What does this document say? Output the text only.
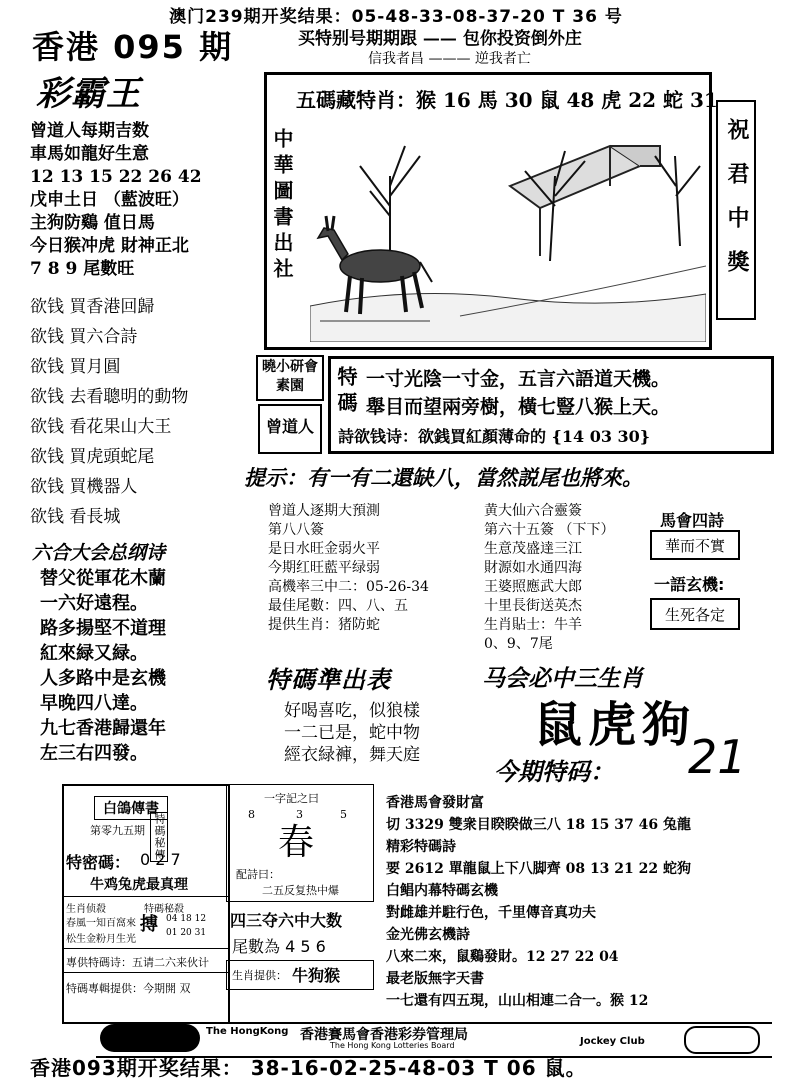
澳门239期开奖结果：05-48-33-08-37-20 T 36 号
香港 095 期	买特别号期期跟 —— 包你投资倒外庄
信我者昌 ——— 逆我者亡
彩霸王
曾道人每期吉数
車馬如龍好生意
12 13 15 22 26 42
戊申土日 （藍波旺）
主狗防鷄 值日馬
今日猴冲虎 財神正北
7 8 9 尾數旺
欲钱 買香港回歸
欲钱 買六合詩
欲钱 買月圓
欲钱 去看聰明的動物
欲钱 看花果山大王
欲钱 買虎頭蛇尾
欲钱 買機器人
欲钱 看長城
六合大会总纲诗
替父從軍花木蘭
一六好遠程。
路多揚堅不道理
紅來緑又緑。
人多路中是玄機
早晚四八達。
九七香港歸還年
左三右四發。
五碼藏特肖：猴 16 馬 30 鼠 48 虎 22 蛇 31
中華圖書出社	祝君中獎
特碼
曉小研會素園
曾道人
一寸光陰一寸金，五言六語道天機。
舉目而望兩旁樹，橫七豎八猴上天。
詩欲钱诗：欲銭買紅顏薄命的 {14 03 30}
提示：有一有二還缺八，當然説尾也將來。
曾道人逐期大預測
第八八簽
是日水旺金弱火平
今期红旺藍平绿弱
高機率三中二：05-26-34
最佳尾數：四、八、五
提供生肖：猪防蛇
黄大仙六合靈簽
第六十五簽 （下下）
生意茂盛達三江
財源如水通四海
王婆照應武大郎
十里長街送英杰
生肖貼士：牛羊
0、9、7尾
馬會四詩
華而不實
一語玄機:
生死各定
特碼準出表
好喝喜吃，似狼樣
一二已是，蛇中物
經衣緑褲，舞天庭
马会必中三生肖
鼠虎狗
今期特码： 21
白鴿傳書
第零九五期 特碼秘傳
特密碼： 0 2 7
牛鸡兔虎最真理
生肖侦殺
春風一知百窩來
松生金粉月生光
特碼秘殺
搏 04 18 12
01 20 31
專供特碼诗：五请二六来伙计
特碼專輯提供：今期開 双
一字記之曰
8	3	5
春
配詩曰：
二五反复热中爆
四三夺六中大数
尾數為 4 5 6
生肖提供： 牛狗猴
香港馬會發財富
切 3329 雙衆目睽睽做三八 18 15 37 46 兔龍
精彩特碼詩
要 2612 單龍鼠上下八脚齊 08 13 21 22 蛇狗
白鲳内幕特碼玄機
對雌雄并駐行色，千里傳音真功夫
金光佛玄機詩
八來二來，鼠鷄發財。12 27 22 04
最老版無字天書
一七還有四五現，山山相連二合一。猴 12
The HongKong 香港賽馬會香港彩券管理局
The Hong Kong Lotteries Board	Jockey Club
香港093期开奖结果： 38-16-02-25-48-03 T 06 鼠。
